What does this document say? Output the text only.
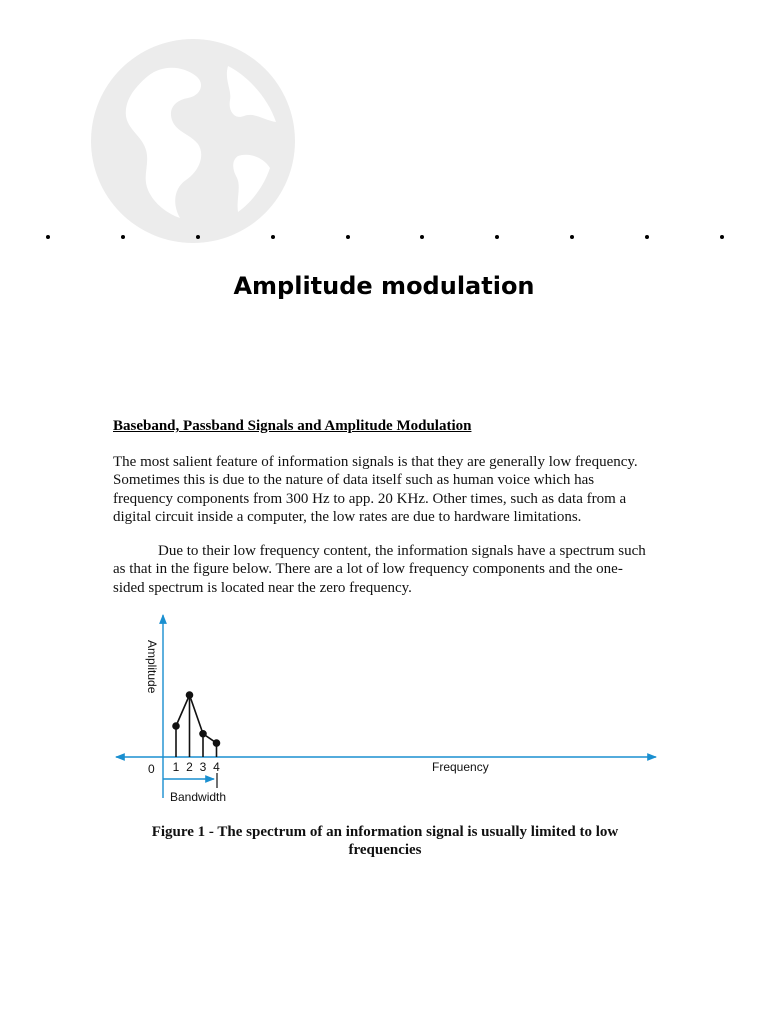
Amplitude modulation
Baseband, Passband Signals and Amplitude Modulation

The most salient feature of information signals is that they are generally low frequency. Sometimes this is due to the nature of data itself such as human voice which has frequency components from 300 Hz to app. 20 KHz. Other times, such as data from a digital circuit inside a computer, the low rates are due to hardware limitations.

Due to their low frequency content, the information signals have a spectrum such as that in the figure below. There are a lot of low frequency components and the one-sided spectrum is located near the zero frequency.

Amplitude
Frequency
0 1 2 3 4
Bandwidth
Figure 1 - The spectrum of an information signal is usually limited to low frequencies
